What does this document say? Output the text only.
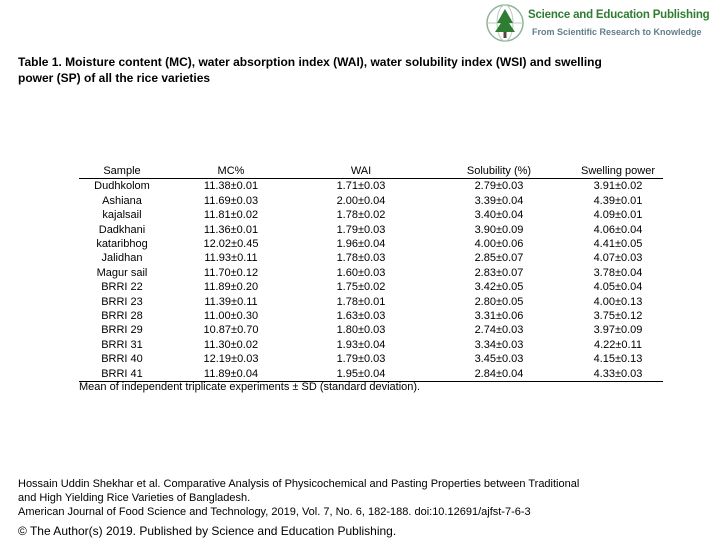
Science and Education Publishing
From Scientific Research to Knowledge
Table 1. Moisture content (MC), water absorption index (WAI), water solubility index (WSI) and swelling power (SP) of all the rice varieties
Sample	MC%	WAI	Solubility (%)	Swelling power
Dudhkolom	11.38±0.01	1.71±0.03	2.79±0.03	3.91±0.02
Ashiana	11.69±0.03	2.00±0.04	3.39±0.04	4.39±0.01
kajalsail	11.81±0.02	1.78±0.02	3.40±0.04	4.09±0.01
Dadkhani	11.36±0.01	1.79±0.03	3.90±0.09	4.06±0.04
kataribhog	12.02±0.45	1.96±0.04	4.00±0.06	4.41±0.05
Jalidhan	11.93±0.11	1.78±0.03	2.85±0.07	4.07±0.03
Magur sail	11.70±0.12	1.60±0.03	2.83±0.07	3.78±0.04
BRRI 22	11.89±0.20	1.75±0.02	3.42±0.05	4.05±0.04
BRRI 23	11.39±0.11	1.78±0.01	2.80±0.05	4.00±0.13
BRRI 28	11.00±0.30	1.63±0.03	3.31±0.06	3.75±0.12
BRRI 29	10.87±0.70	1.80±0.03	2.74±0.03	3.97±0.09
BRRI 31	11.30±0.02	1.93±0.04	3.34±0.03	4.22±0.11
BRRI 40	12.19±0.03	1.79±0.03	3.45±0.03	4.15±0.13
BRRI 41	11.89±0.04	1.95±0.04	2.84±0.04	4.33±0.03
Mean of independent triplicate experiments ± SD (standard deviation).
Hossain Uddin Shekhar et al. Comparative Analysis of Physicochemical and Pasting Properties between Traditional
and High Yielding Rice Varieties of Bangladesh.
American Journal of Food Science and Technology, 2019, Vol. 7, No. 6, 182-188. doi:10.12691/ajfst-7-6-3
© The Author(s) 2019. Published by Science and Education Publishing.
